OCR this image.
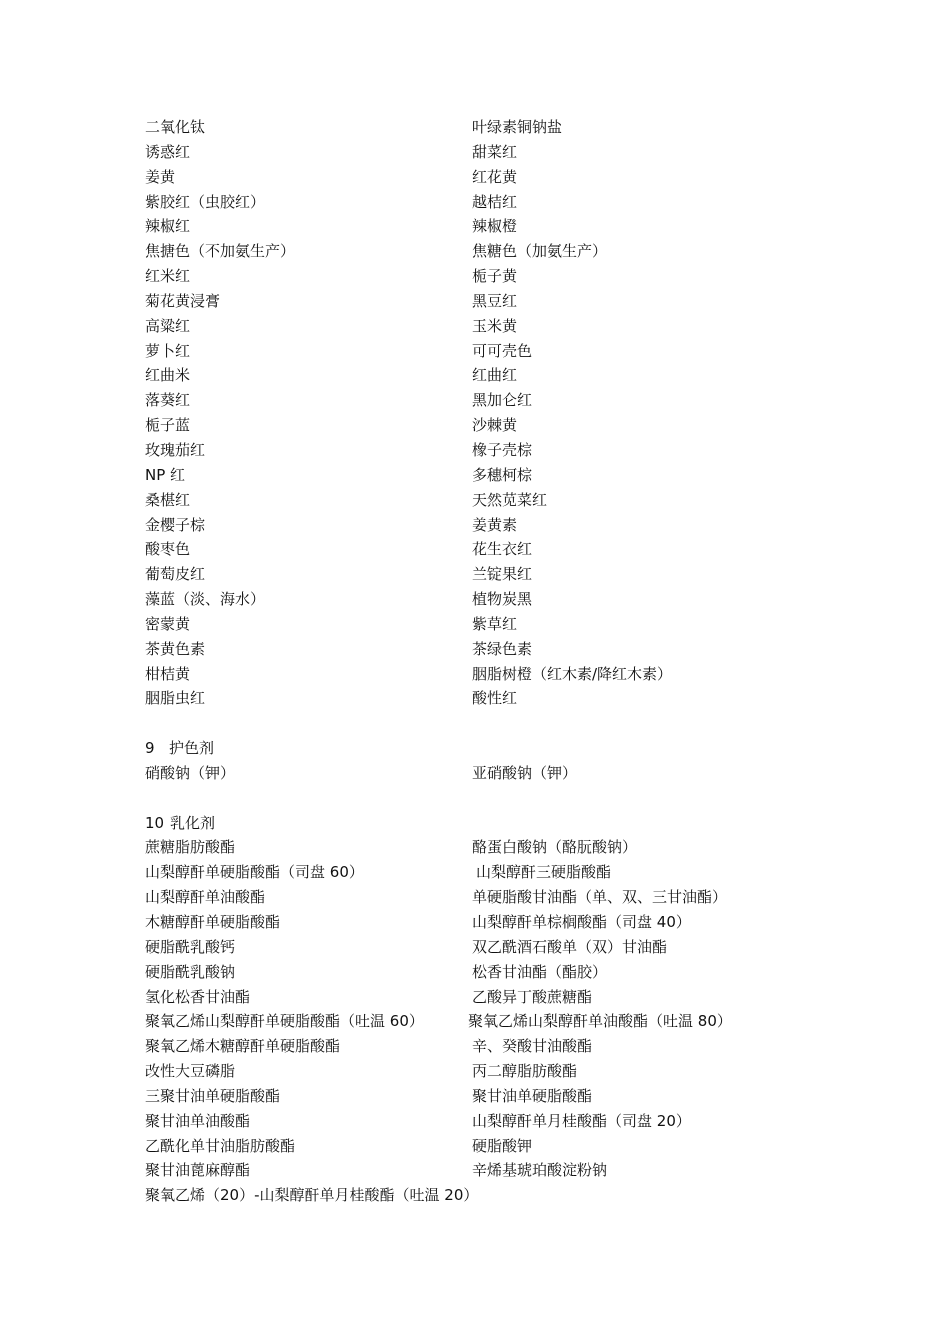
二氧化钛	叶绿素铜钠盐
诱惑红	甜菜红
姜黄	红花黄
紫胶红（虫胶红）	越桔红
辣椒红	辣椒橙
焦搪色（不加氨生产）	焦糖色（加氨生产）
红米红	栀子黄
菊花黄浸膏	黑豆红
高粱红	玉米黄
萝卜红	可可壳色
红曲米	红曲红
落葵红	黑加仑红
栀子蓝	沙棘黄
玫瑰茄红	橡子壳棕
NP 红	多穗柯棕
桑椹红	天然苋菜红
金樱子棕	姜黄素
酸枣色	花生衣红
葡萄皮红	兰锭果红
藻蓝（淡、海水）	植物炭黑
密蒙黄	紫草红
茶黄色素	茶绿色素
柑桔黄	胭脂树橙（红木素/降红木素）
胭脂虫红	酸性红
9 护色剂
硝酸钠（钾）	亚硝酸钠（钾）
10 乳化剂
蔗糖脂肪酸酯	酪蛋白酸钠（酪朊酸钠）
山梨醇酐单硬脂酸酯（司盘 60）	山梨醇酐三硬脂酸酯
山梨醇酐单油酸酯	单硬脂酸甘油酯（单、双、三甘油酯）
木糖醇酐单硬脂酸酯	山梨醇酐单棕榈酸酯（司盘 40）
硬脂酰乳酸钙	双乙酰酒石酸单（双）甘油酯
硬脂酰乳酸钠	松香甘油酯（酯胶）
氢化松香甘油酯	乙酸异丁酸蔗糖酯
聚氧乙烯山梨醇酐单硬脂酸酯（吐温 60）	聚氧乙烯山梨醇酐单油酸酯（吐温 80）
聚氧乙烯木糖醇酐单硬脂酸酯	辛、癸酸甘油酸酯
改性大豆磷脂	丙二醇脂肪酸酯
三聚甘油单硬脂酸酯	聚甘油单硬脂酸酯
聚甘油单油酸酯	山梨醇酐单月桂酸酯（司盘 20）
乙酰化单甘油脂肪酸酯	硬脂酸钾
聚甘油蓖麻醇酯	辛烯基琥珀酸淀粉钠
聚氧乙烯（20）-山梨醇酐单月桂酸酯（吐温 20）
